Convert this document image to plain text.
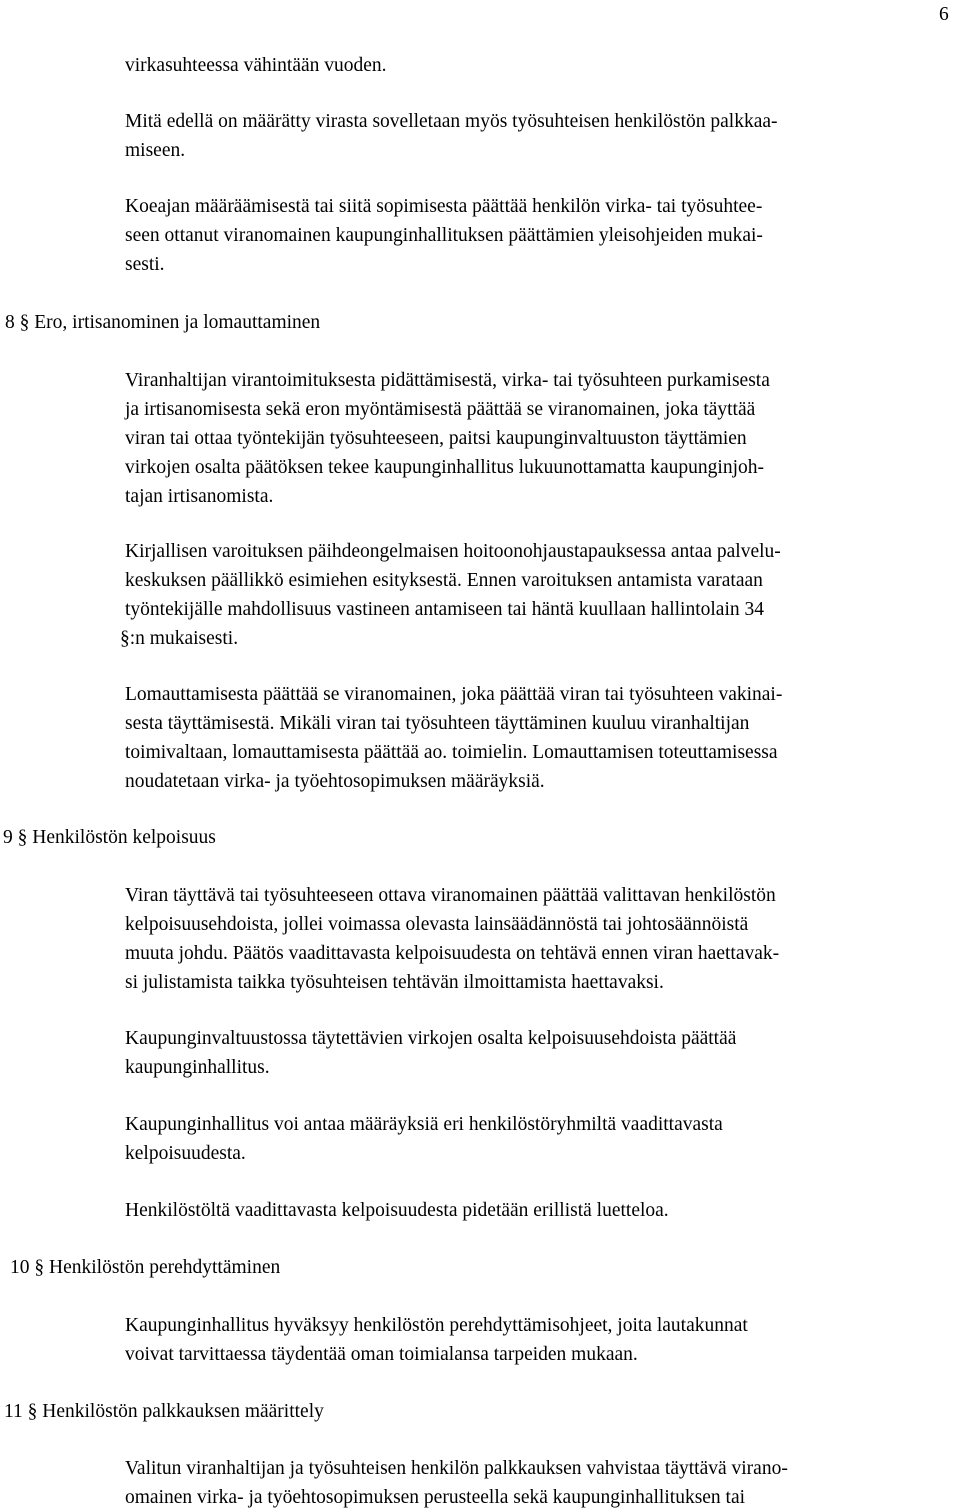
6

virkasuhteessa vähintään vuoden.

Mitä edellä on määrätty virasta sovelletaan myös työsuhteisen henkilöstön palkkaa-
miseen.

Koeajan määräämisestä tai siitä sopimisesta päättää henkilön virka- tai työsuhtee-
seen ottanut viranomainen kaupunginhallituksen päättämien yleisohjeiden mukai-
sesti.

8 § Ero, irtisanominen ja lomauttaminen

Viranhaltijan virantoimituksesta pidättämisestä, virka- tai työsuhteen purkamisesta
ja irtisanomisesta sekä eron myöntämisestä päättää se viranomainen, joka täyttää
viran tai ottaa työntekijän työsuhteeseen, paitsi kaupunginvaltuuston täyttämien
virkojen osalta päätöksen tekee kaupunginhallitus lukuunottamatta kaupunginjoh-
tajan irtisanomista.

Kirjallisen varoituksen päihdeongelmaisen hoitoonohjaustapauksessa antaa palvelu-
keskuksen päällikkö esimiehen esityksestä. Ennen varoituksen antamista varataan
työntekijälle mahdollisuus vastineen antamiseen tai häntä kuullaan hallintolain 34
§:n mukaisesti.

Lomauttamisesta päättää se viranomainen, joka päättää viran tai työsuhteen vakinai-
sesta täyttämisestä. Mikäli viran tai työsuhteen täyttäminen kuuluu viranhaltijan
toimivaltaan, lomauttamisesta päättää ao. toimielin. Lomauttamisen toteuttamisessa
noudatetaan virka- ja työehtosopimuksen määräyksiä.

9 § Henkilöstön kelpoisuus

Viran täyttävä tai työsuhteeseen ottava viranomainen päättää valittavan henkilöstön
kelpoisuusehdoista, jollei voimassa olevasta lainsäädännöstä tai johtosäännöistä
muuta johdu. Päätös vaadittavasta kelpoisuudesta on tehtävä ennen viran haettavak-
si julistamista taikka työsuhteisen tehtävän ilmoittamista haettavaksi.

Kaupunginvaltuustossa täytettävien virkojen osalta kelpoisuusehdoista päättää
kaupunginhallitus.

Kaupunginhallitus voi antaa määräyksiä eri henkilöstöryhmiltä vaadittavasta
kelpoisuudesta.

Henkilöstöltä vaadittavasta kelpoisuudesta pidetään erillistä luetteloa.

10 § Henkilöstön perehdyttäminen

Kaupunginhallitus hyväksyy henkilöstön perehdyttämisohjeet, joita lautakunnat
voivat tarvittaessa täydentää oman toimialansa tarpeiden mukaan.

11 § Henkilöstön palkkauksen määrittely

Valitun viranhaltijan ja työsuhteisen henkilön palkkauksen vahvistaa täyttävä virano-
omainen virka- ja työehtosopimuksen perusteella sekä kaupunginhallituksen tai
